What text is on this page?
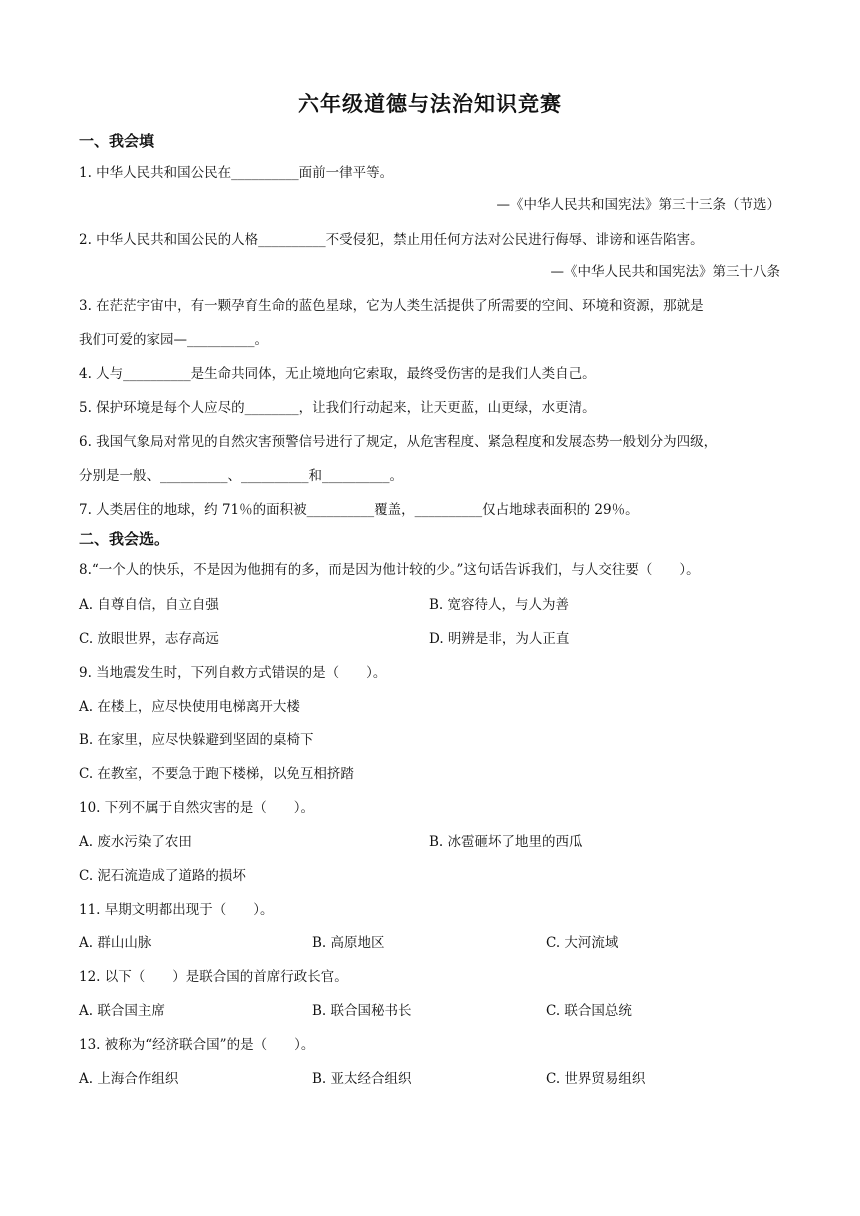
六年级道德与法治知识竞赛
一、我会填
1. 中华人民共和国公民在__________面前一律平等。
—《中华人民共和国宪法》第三十三条（节选）
2. 中华人民共和国公民的人格__________不受侵犯，禁止用任何方法对公民进行侮辱、诽谤和诬告陷害。
—《中华人民共和国宪法》第三十八条
3. 在茫茫宇宙中，有一颗孕育生命的蓝色星球，它为人类生活提供了所需要的空间、环境和资源，那就是
我们可爱的家园—__________。
4. 人与__________是生命共同体，无止境地向它索取，最终受伤害的是我们人类自己。
5. 保护环境是每个人应尽的________，让我们行动起来，让天更蓝，山更绿，水更清。
6. 我国气象局对常见的自然灾害预警信号进行了规定，从危害程度、紧急程度和发展态势一般划分为四级，
分别是一般、__________、__________和__________。
7. 人类居住的地球，约 71％的面积被__________覆盖，__________仅占地球表面积的 29％。
二、我会选。
8.“一个人的快乐，不是因为他拥有的多，而是因为他计较的少。”这句话告诉我们，与人交往要（　　）。
A. 自尊自信，自立自强	B. 宽容待人，与人为善
C. 放眼世界，志存高远	D. 明辨是非，为人正直
9. 当地震发生时，下列自救方式错误的是（　　）。
A. 在楼上，应尽快使用电梯离开大楼
B. 在家里，应尽快躲避到坚固的桌椅下
C. 在教室，不要急于跑下楼梯，以免互相挤踏
10. 下列不属于自然灾害的是（　　）。
A. 废水污染了农田	B. 冰雹砸坏了地里的西瓜
C. 泥石流造成了道路的损坏
11. 早期文明都出现于（　　）。
A. 群山山脉	B. 高原地区	C. 大河流域
12. 以下（　　）是联合国的首席行政长官。
A. 联合国主席	B. 联合国秘书长	C. 联合国总统
13. 被称为“经济联合国”的是（　　）。
A. 上海合作组织	B. 亚太经合组织	C. 世界贸易组织
